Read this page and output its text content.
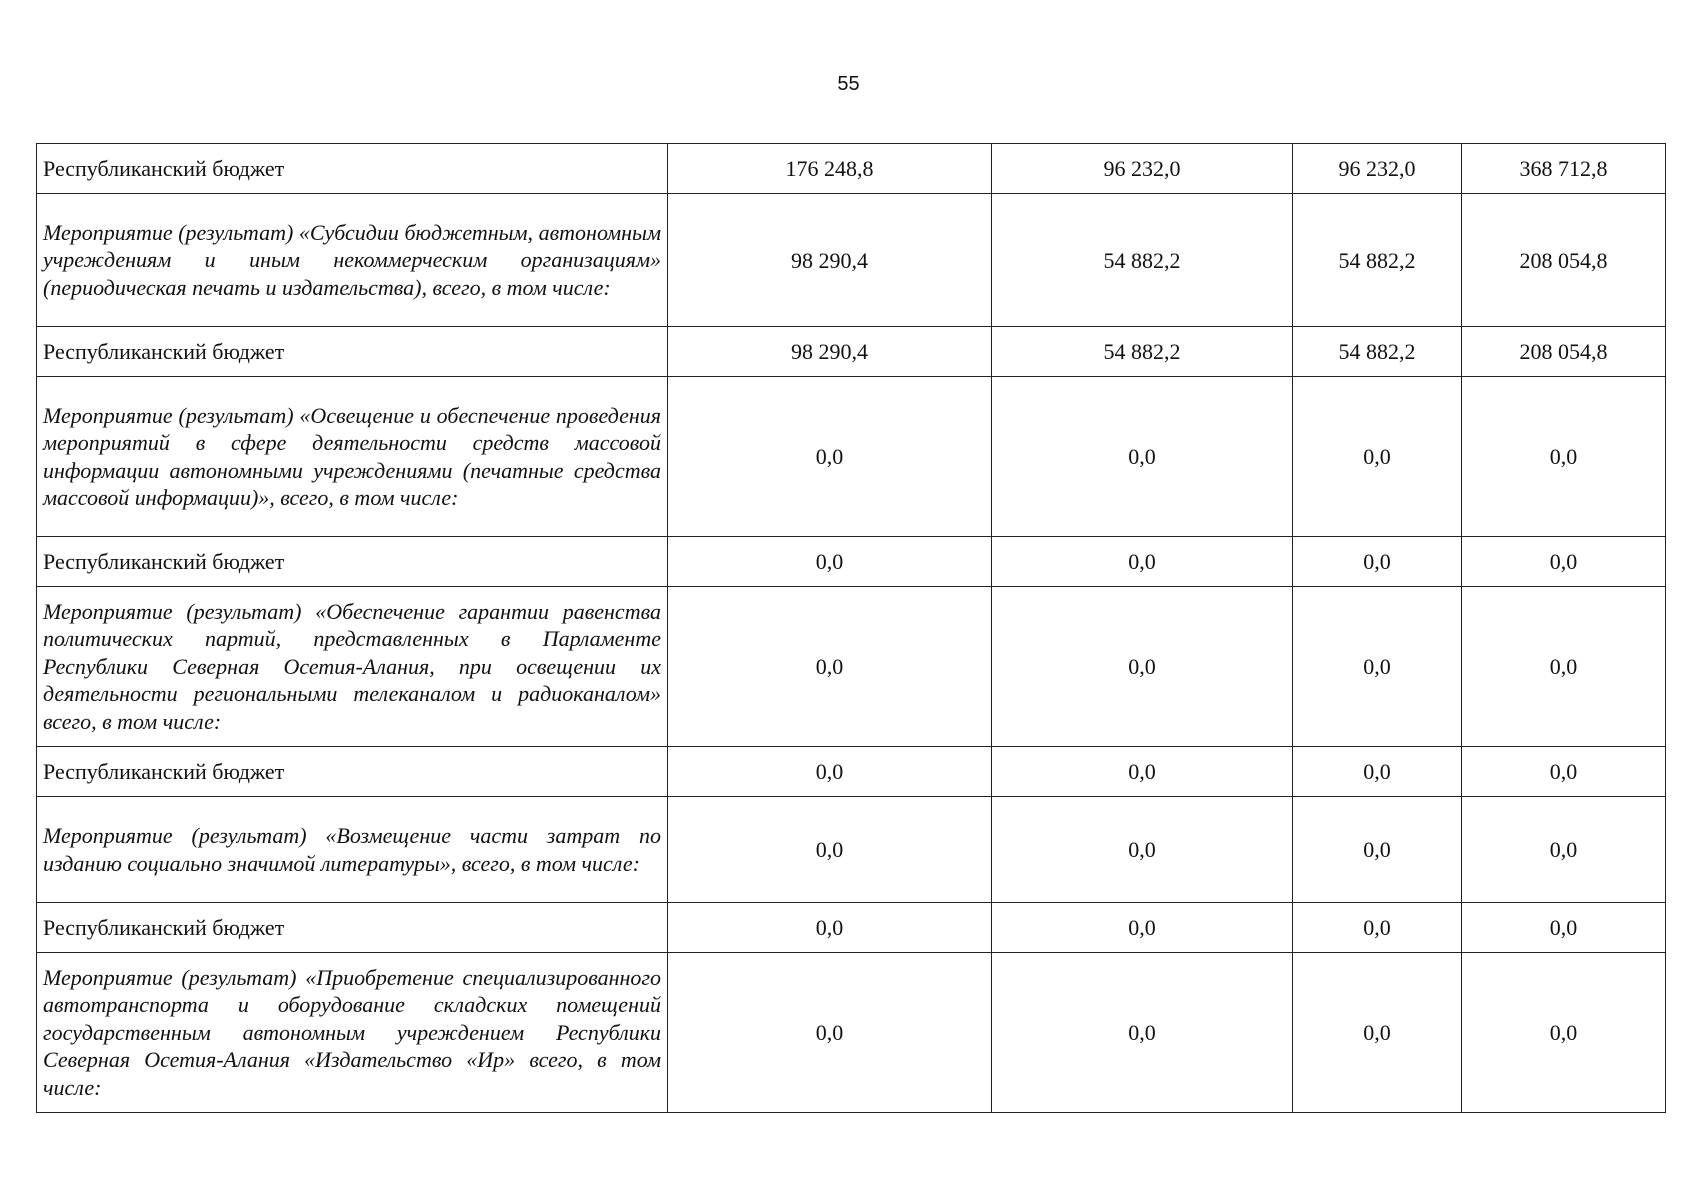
55
Республиканский бюджет	176 248,8	96 232,0	96 232,0	368 712,8
Мероприятие (результат) «Субсидии бюджетным, автономным учреждениям и иным некоммерческим организациям» (периодическая печать и издательства), всего, в том числе:	98 290,4	54 882,2	54 882,2	208 054,8
Республиканский бюджет	98 290,4	54 882,2	54 882,2	208 054,8
Мероприятие (результат) «Освещение и обеспечение проведения мероприятий в сфере деятельности средств массовой информации автономными учреждениями (печатные средства массовой информации)», всего, в том числе:	0,0	0,0	0,0	0,0
Республиканский бюджет	0,0	0,0	0,0	0,0
Мероприятие (результат) «Обеспечение гарантии равенства политических партий, представленных в Парламенте Республики Северная Осетия-Алания, при освещении их деятельности региональными телеканалом и радиоканалом» всего, в том числе:	0,0	0,0	0,0	0,0
Республиканский бюджет	0,0	0,0	0,0	0,0
Мероприятие (результат) «Возмещение части затрат по изданию социально значимой литературы», всего, в том числе:	0,0	0,0	0,0	0,0
Республиканский бюджет	0,0	0,0	0,0	0,0
Мероприятие (результат) «Приобретение специализированного автотранспорта и оборудование складских помещений государственным автономным учреждением Республики Северная Осетия-Алания «Издательство «Ир» всего, в том числе:	0,0	0,0	0,0	0,0
